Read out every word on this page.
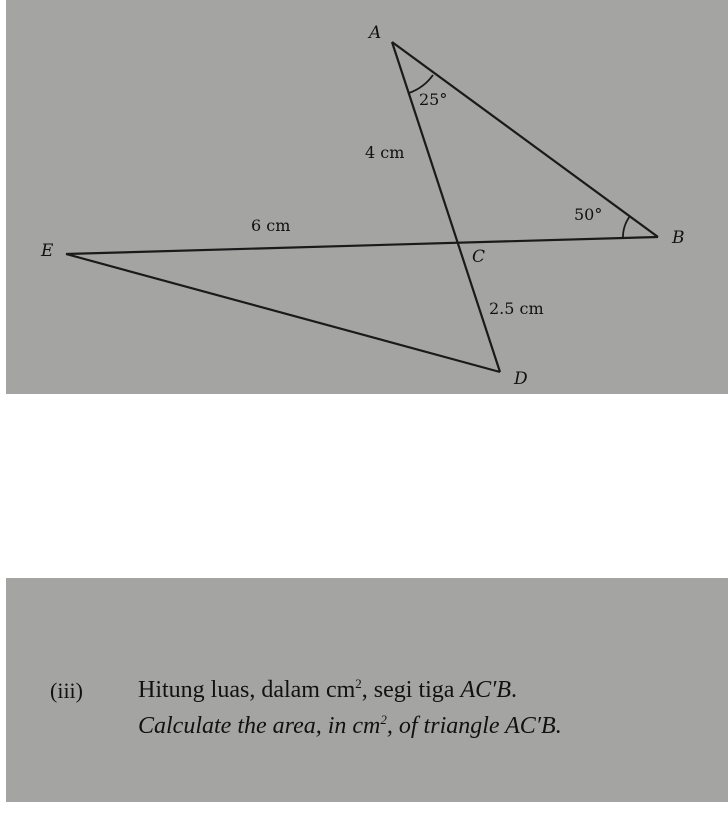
A
B
C
D
E
25°
50°
4 cm
6 cm
2.5 cm
(iii) Hitung luas, dalam $cm^2$, segi tiga AC′B.
Calculate the area, in $cm^2$, of triangle AC′B.
